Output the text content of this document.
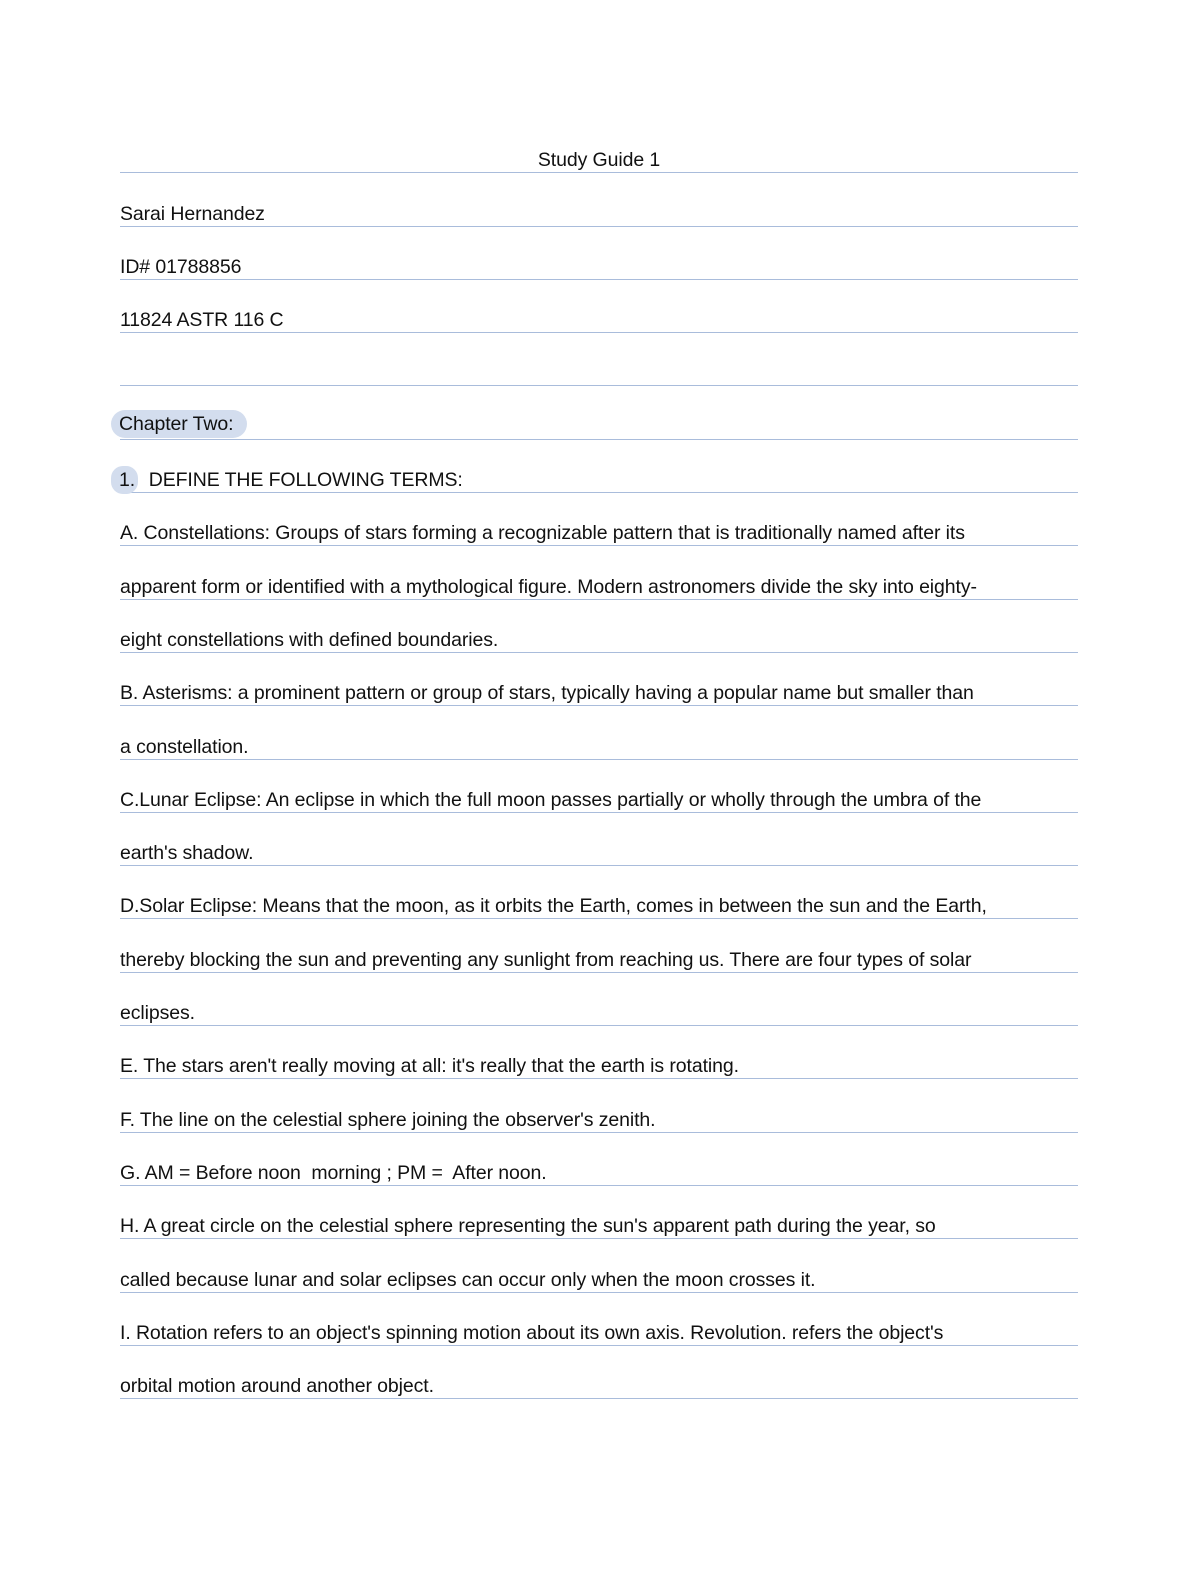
Study Guide 1
Sarai Hernandez
ID# 01788856
11824 ASTR 116 C
Chapter Two:
1. DEFINE THE FOLLOWING TERMS:
A. Constellations: Groups of stars forming a recognizable pattern that is traditionally named after its
apparent form or identified with a mythological figure. Modern astronomers divide the sky into eighty-
eight constellations with defined boundaries.
B. Asterisms: a prominent pattern or group of stars, typically having a popular name but smaller than
a constellation.
C.Lunar Eclipse: An eclipse in which the full moon passes partially or wholly through the umbra of the
earth's shadow.
D.Solar Eclipse: Means that the moon, as it orbits the Earth, comes in between the sun and the Earth,
thereby blocking the sun and preventing any sunlight from reaching us. There are four types of solar
eclipses.
E. The stars aren't really moving at all: it's really that the earth is rotating.
F. The line on the celestial sphere joining the observer's zenith.
G. AM = Before noon  morning ; PM =  After noon.
H. A great circle on the celestial sphere representing the sun's apparent path during the year, so
called because lunar and solar eclipses can occur only when the moon crosses it.
I. Rotation refers to an object's spinning motion about its own axis. Revolution. refers the object's
orbital motion around another object.
